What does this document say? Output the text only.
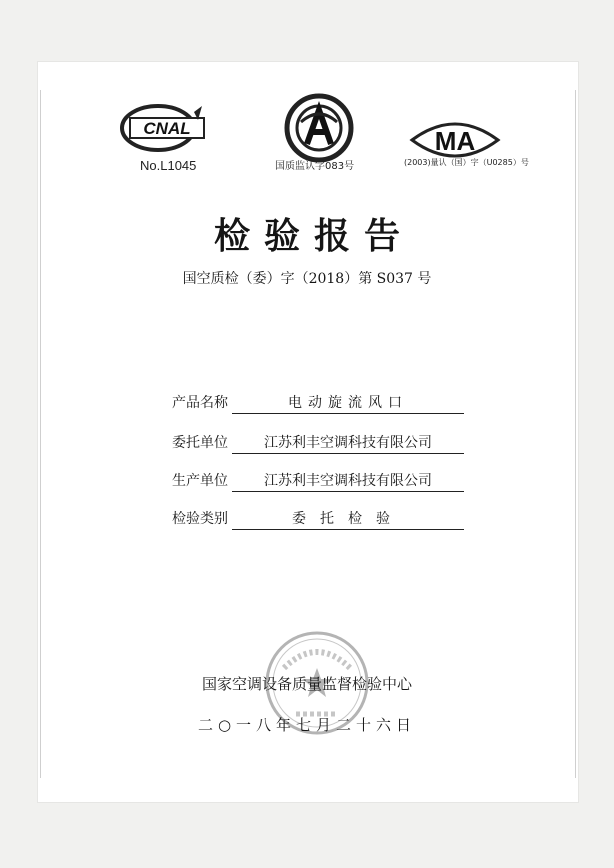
CNAL
No.L1045	CMA
国质监认字083号
MA
(2003)量认（国）字（U0285）号
检验报告
国空质检（委）字（2018）第 S037 号
产品名称	电动旋流风口
委托单位	江苏利丰空调科技有限公司
生产单位	江苏利丰空调科技有限公司
检验类别	委托检验
国家空调设备质量监督检验中心
二○一八年七月二十六日
